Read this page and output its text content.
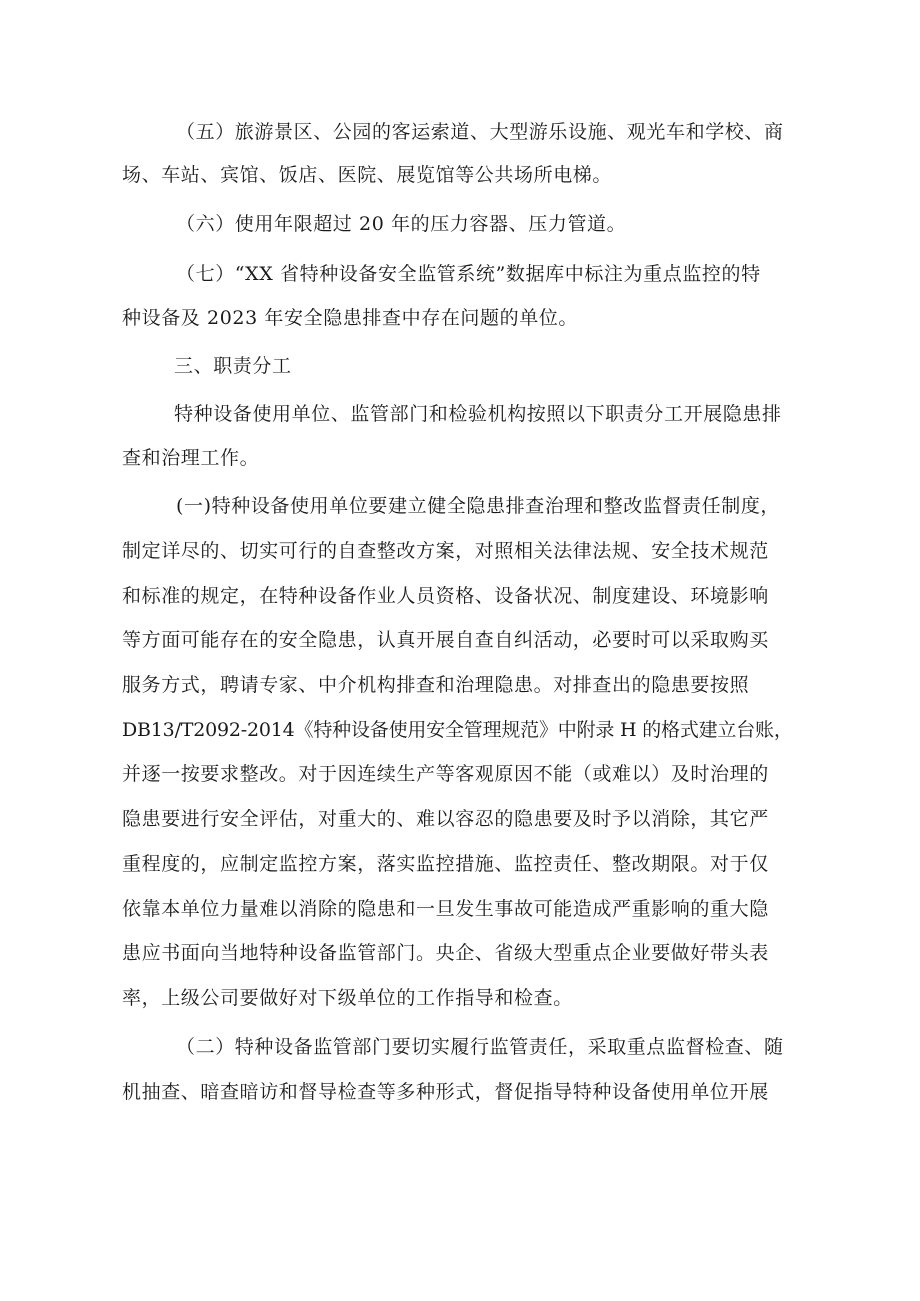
（五）旅游景区、公园的客运索道、大型游乐设施、观光车和学校、商
场、车站、宾馆、饭店、医院、展览馆等公共场所电梯。
（六）使用年限超过 20 年的压力容器、压力管道。
（七）“XX 省特种设备安全监管系统”数据库中标注为重点监控的特
种设备及 2023 年安全隐患排查中存在问题的单位。
三、职责分工
特种设备使用单位、监管部门和检验机构按照以下职责分工开展隐患排
查和治理工作。
(一)特种设备使用单位要建立健全隐患排查治理和整改监督责任制度，
制定详尽的、切实可行的自查整改方案，对照相关法律法规、安全技术规范
和标准的规定，在特种设备作业人员资格、设备状况、制度建设、环境影响
等方面可能存在的安全隐患，认真开展自查自纠活动，必要时可以采取购买
服务方式，聘请专家、中介机构排查和治理隐患。对排查出的隐患要按照
DB13/T2092-2014《特种设备使用安全管理规范》中附录 H 的格式建立台账，
并逐一按要求整改。对于因连续生产等客观原因不能（或难以）及时治理的
隐患要进行安全评估，对重大的、难以容忍的隐患要及时予以消除，其它严
重程度的，应制定监控方案，落实监控措施、监控责任、整改期限。对于仅
依靠本单位力量难以消除的隐患和一旦发生事故可能造成严重影响的重大隐
患应书面向当地特种设备监管部门。央企、省级大型重点企业要做好带头表
率，上级公司要做好对下级单位的工作指导和检查。
（二）特种设备监管部门要切实履行监管责任，采取重点监督检查、随
机抽查、暗查暗访和督导检查等多种形式，督促指导特种设备使用单位开展
